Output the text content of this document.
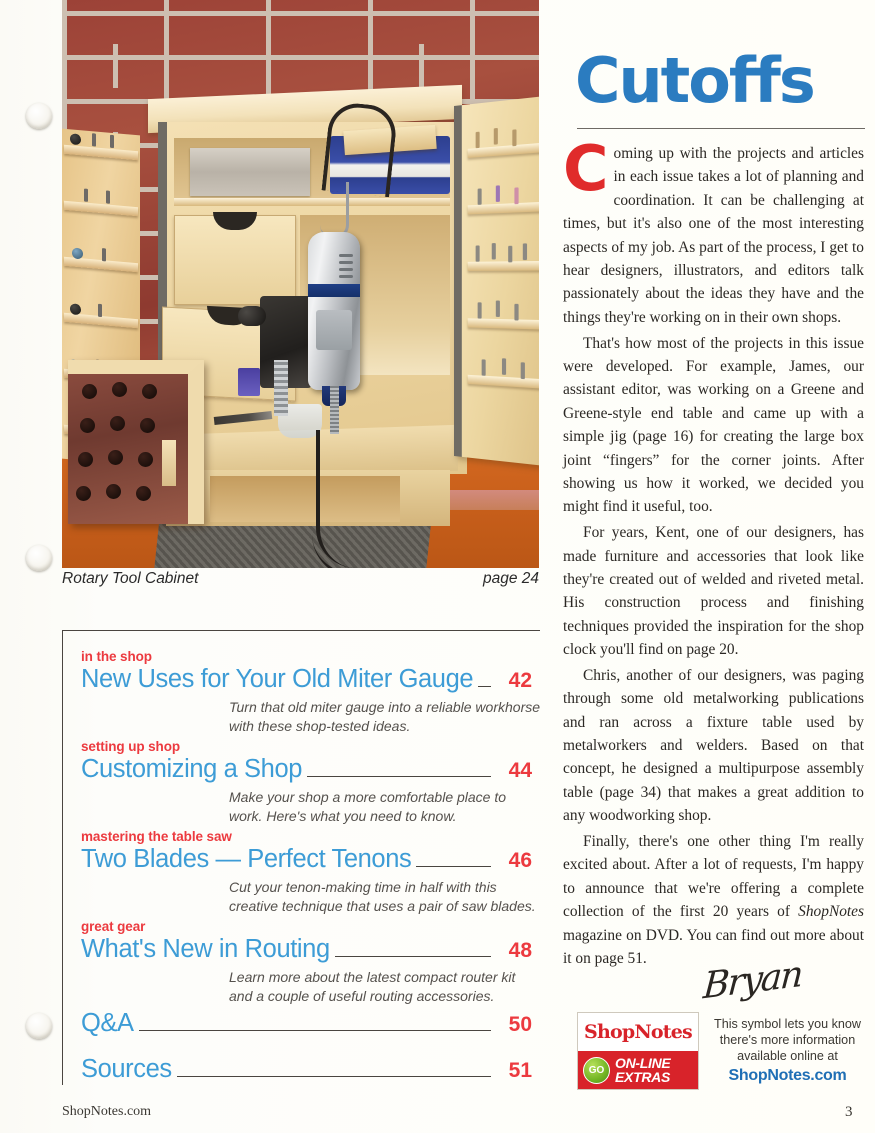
Rotary Tool Cabinet	page 24
in the shop
New Uses for Your Old Miter Gauge	42
Turn that old miter gauge into a reliable workhorse with these shop-tested ideas.
setting up shop
Customizing a Shop	44
Make your shop a more comfortable place to work. Here's what you need to know.
mastering the table saw
Two Blades — Perfect Tenons	46
Cut your tenon-making time in half with this creative technique that uses a pair of saw blades.
great gear
What's New in Routing	48
Learn more about the latest compact router kit and a couple of useful routing accessories.
Q&A	50
Sources	51
Cutoffs

Coming up with the projects and articles in each issue takes a lot of planning and coordination. It can be challenging at times, but it's also one of the most interesting aspects of my job. As part of the process, I get to hear designers, illustrators, and editors talk passionately about the ideas they have and the things they're working on in their own shops.

That's how most of the projects in this issue were developed. For example, James, our assistant editor, was working on a Greene and Greene-style end table and came up with a simple jig (page 16) for creating the large box joint “fingers” for the corner joints. After showing us how it worked, we decided you might find it useful, too.

For years, Kent, one of our designers, has made furniture and accessories that look like they're created out of welded and riveted metal. His construction process and finishing techniques provided the inspiration for the shop clock you'll find on page 20.

Chris, another of our designers, was paging through some old metalworking publications and ran across a fixture table used by metalworkers and welders. Based on that concept, he designed a multipurpose assembly table (page 34) that makes a great addition to any woodworking shop.

Finally, there's one other thing I'm really excited about. After a lot of requests, I'm happy to announce that we're offering a complete collection of the first 20 years of ShopNotes magazine on DVD. You can find out more about it on page 51.	Bryan
ShopNotes
GO ON-LINE
EXTRAS
This symbol lets you know
there's more information
available online at
ShopNotes.com
ShopNotes.com	3
